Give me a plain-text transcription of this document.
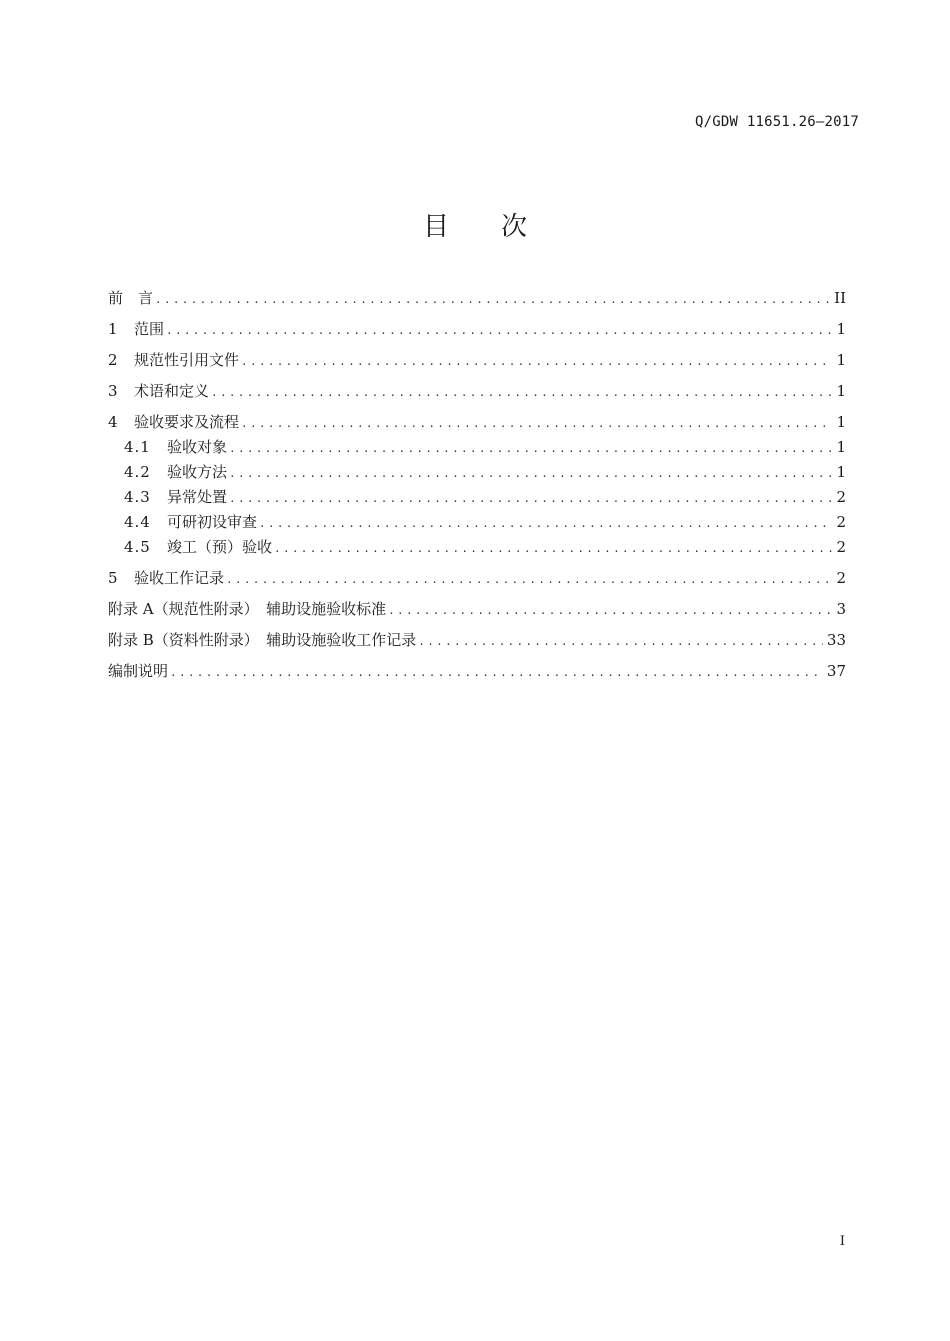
Q/GDW 11651.26—2017
目次
前　言 .....	II
1	范围 .....	1
2	规范性引用文件 .....	1
3	术语和定义 .....	1
4	验收要求及流程 .....	1
4.1	验收对象 .....	1
4.2	验收方法 .....	1
4.3	异常处置 .....	2
4.4	可研初设审查 .....	2
4.5	竣工（预）验收 .....	2
5	验收工作记录 .....	2
附录 A（规范性附录）　辅助设施验收标准 .....	3
附录 B（资料性附录）　辅助设施验收工作记录 .....	33
编制说明 .....	37
I
